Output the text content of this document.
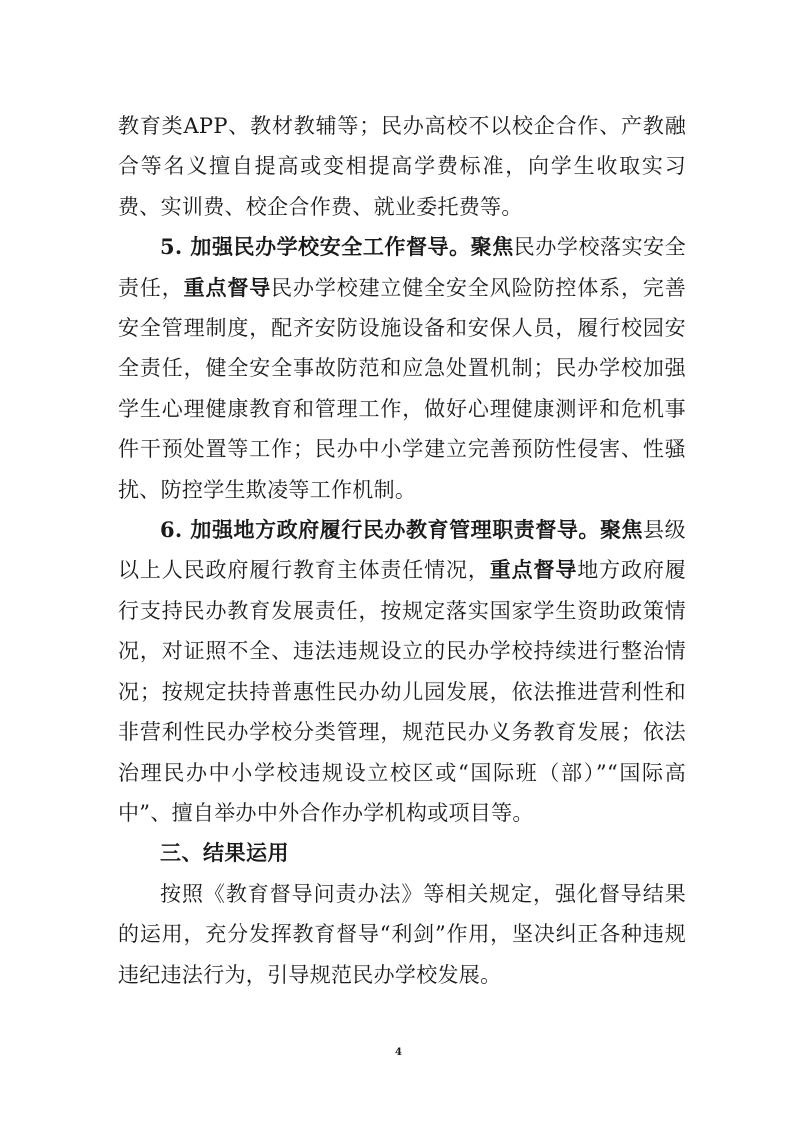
教育类APP、教材教辅等；民办高校不以校企合作、产教融合等名义擅自提高或变相提高学费标准，向学生收取实习费、实训费、校企合作费、就业委托费等。

5. 加强民办学校安全工作督导。聚焦民办学校落实安全责任，重点督导民办学校建立健全安全风险防控体系，完善安全管理制度，配齐安防设施设备和安保人员，履行校园安全责任，健全安全事故防范和应急处置机制；民办学校加强学生心理健康教育和管理工作，做好心理健康测评和危机事件干预处置等工作；民办中小学建立完善预防性侵害、性骚扰、防控学生欺凌等工作机制。

6. 加强地方政府履行民办教育管理职责督导。聚焦县级以上人民政府履行教育主体责任情况，重点督导地方政府履行支持民办教育发展责任，按规定落实国家学生资助政策情况，对证照不全、违法违规设立的民办学校持续进行整治情况；按规定扶持普惠性民办幼儿园发展，依法推进营利性和非营利性民办学校分类管理，规范民办义务教育发展；依法治理民办中小学校违规设立校区或“国际班（部）”“国际高中”、擅自举办中外合作办学机构或项目等。

三、结果运用

按照《教育督导问责办法》等相关规定，强化督导结果的运用，充分发挥教育督导“利剑”作用，坚决纠正各种违规违纪违法行为，引导规范民办学校发展。

4
